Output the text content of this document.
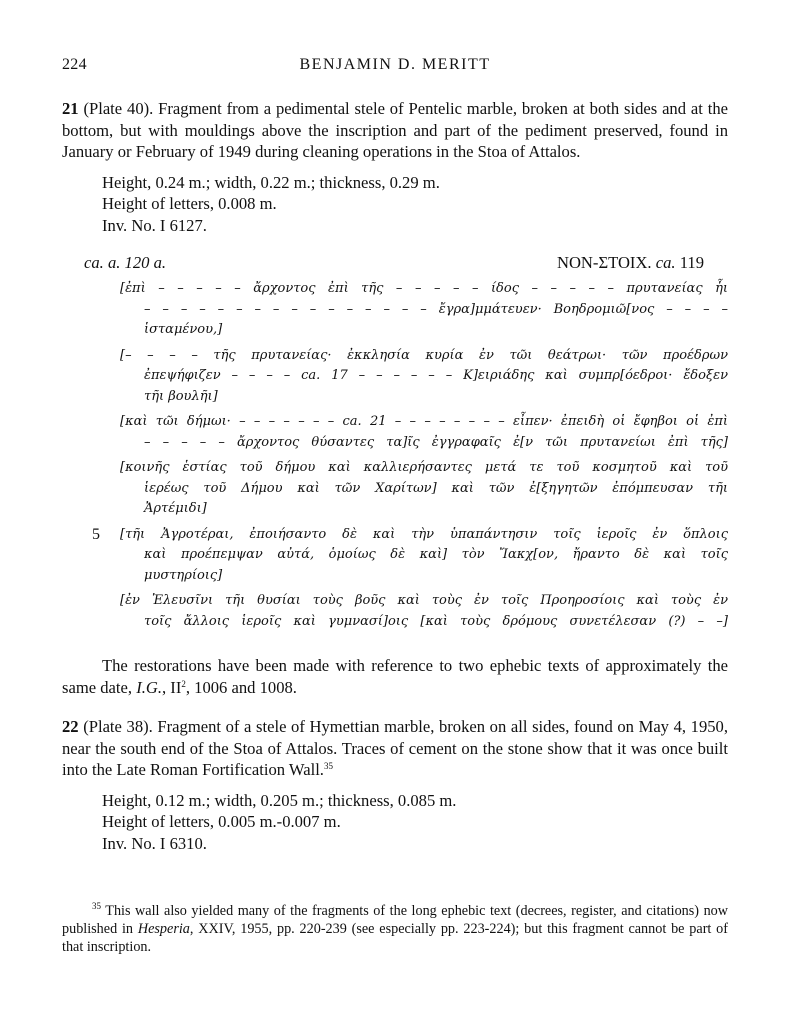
224	BENJAMIN D. MERITT
21 (Plate 40). Fragment from a pedimental stele of Pentelic marble, broken at both sides and at the bottom, but with mouldings above the inscription and part of the pediment preserved, found in January or February of 1949 during cleaning operations in the Stoa of Attalos.
Height, 0.24 m.; width, 0.22 m.; thickness, 0.29 m.
Height of letters, 0.008 m.
Inv. No. I 6127.
ca. a. 120 a.	NON-ΣΤΟΙΧ. ca. 119
[ἐπὶ – – – – – ἄρχοντος ἐπὶ τῆς – – – – – ίδος – – – – – πρυτανείας ἧι
– – – – – – – – – – – – – – – – ἔγρα]μμάτευεν· Βοηδρομιῶ[νος – – – –
ἱσταμένου,]
[– – – – τῆς πρυτανείας· ἐκκλησία κυρία ἐν τῶι θεάτρωι· τῶν προέδρων
ἐπεψήφιζεν – – – – ca. 17 – – – – – – K]ειριάδης καὶ συμπρ[όεδροι· ἔδοξεν
τῆι βουλῆι]
[καὶ τῶι δήμωι· – – – – – – – ca. 21 – – – – – – – – εἶπεν· ἐπειδὴ οἱ ἔφηβοι οἱ ἐπὶ
– – – – – ἄρχοντος θύσαντες τα]ῖς ἐγγραφαῖς ἐ[ν τῶι πρυτανείωι ἐπὶ τῆς]
[κοινῆς ἑστίας τοῦ δήμου καὶ καλλιερήσαντες μετά τε τοῦ κοσμητοῦ καὶ τοῦ
ἱερέως τοῦ Δήμου καὶ τῶν Χαρίτων] καὶ τῶν ἐ[ξηγητῶν ἐπόμπευσαν τῆι
Ἀρτέμιδι]
5 [τῆι Ἀγροτέραι, ἐποιήσαντο δὲ καὶ τὴν ὑπαπάντησιν τοῖς ἱεροῖς ἐν ὅπλοις
καὶ προέπεμψαν αὐτά, ὁμοίως δὲ καὶ] τὸν Ἴακχ[ον, ἤραντο δὲ καὶ τοῖς
μυστηρίοις]
[ἐν Ἐλευσῖνι τῆι θυσίαι τοὺς βοῦς καὶ τοὺς ἐν τοῖς Προηροσίοις καὶ τοὺς ἐν
τοῖς ἄλλοις ἱεροῖς καὶ γυμνασί]οις [καὶ τοὺς δρόμους συνετέλεσαν (?) – –]
The restorations have been made with reference to two ephebic texts of approximately the same date, I.G., $II^2$, 1006 and 1008.
22 (Plate 38). Fragment of a stele of Hymettian marble, broken on all sides, found on May 4, 1950, near the south end of the Stoa of Attalos. Traces of cement on the stone show that it was once built into the Late Roman Fortification Wall.$^{35}$
Height, 0.12 m.; width, 0.205 m.; thickness, 0.085 m.
Height of letters, 0.005 m.-0.007 m.
Inv. No. I 6310.
$^{35}$ This wall also yielded many of the fragments of the long ephebic text (decrees, register, and citations) now published in Hesperia, XXIV, 1955, pp. 220-239 (see especially pp. 223-224); but this fragment cannot be part of that inscription.
